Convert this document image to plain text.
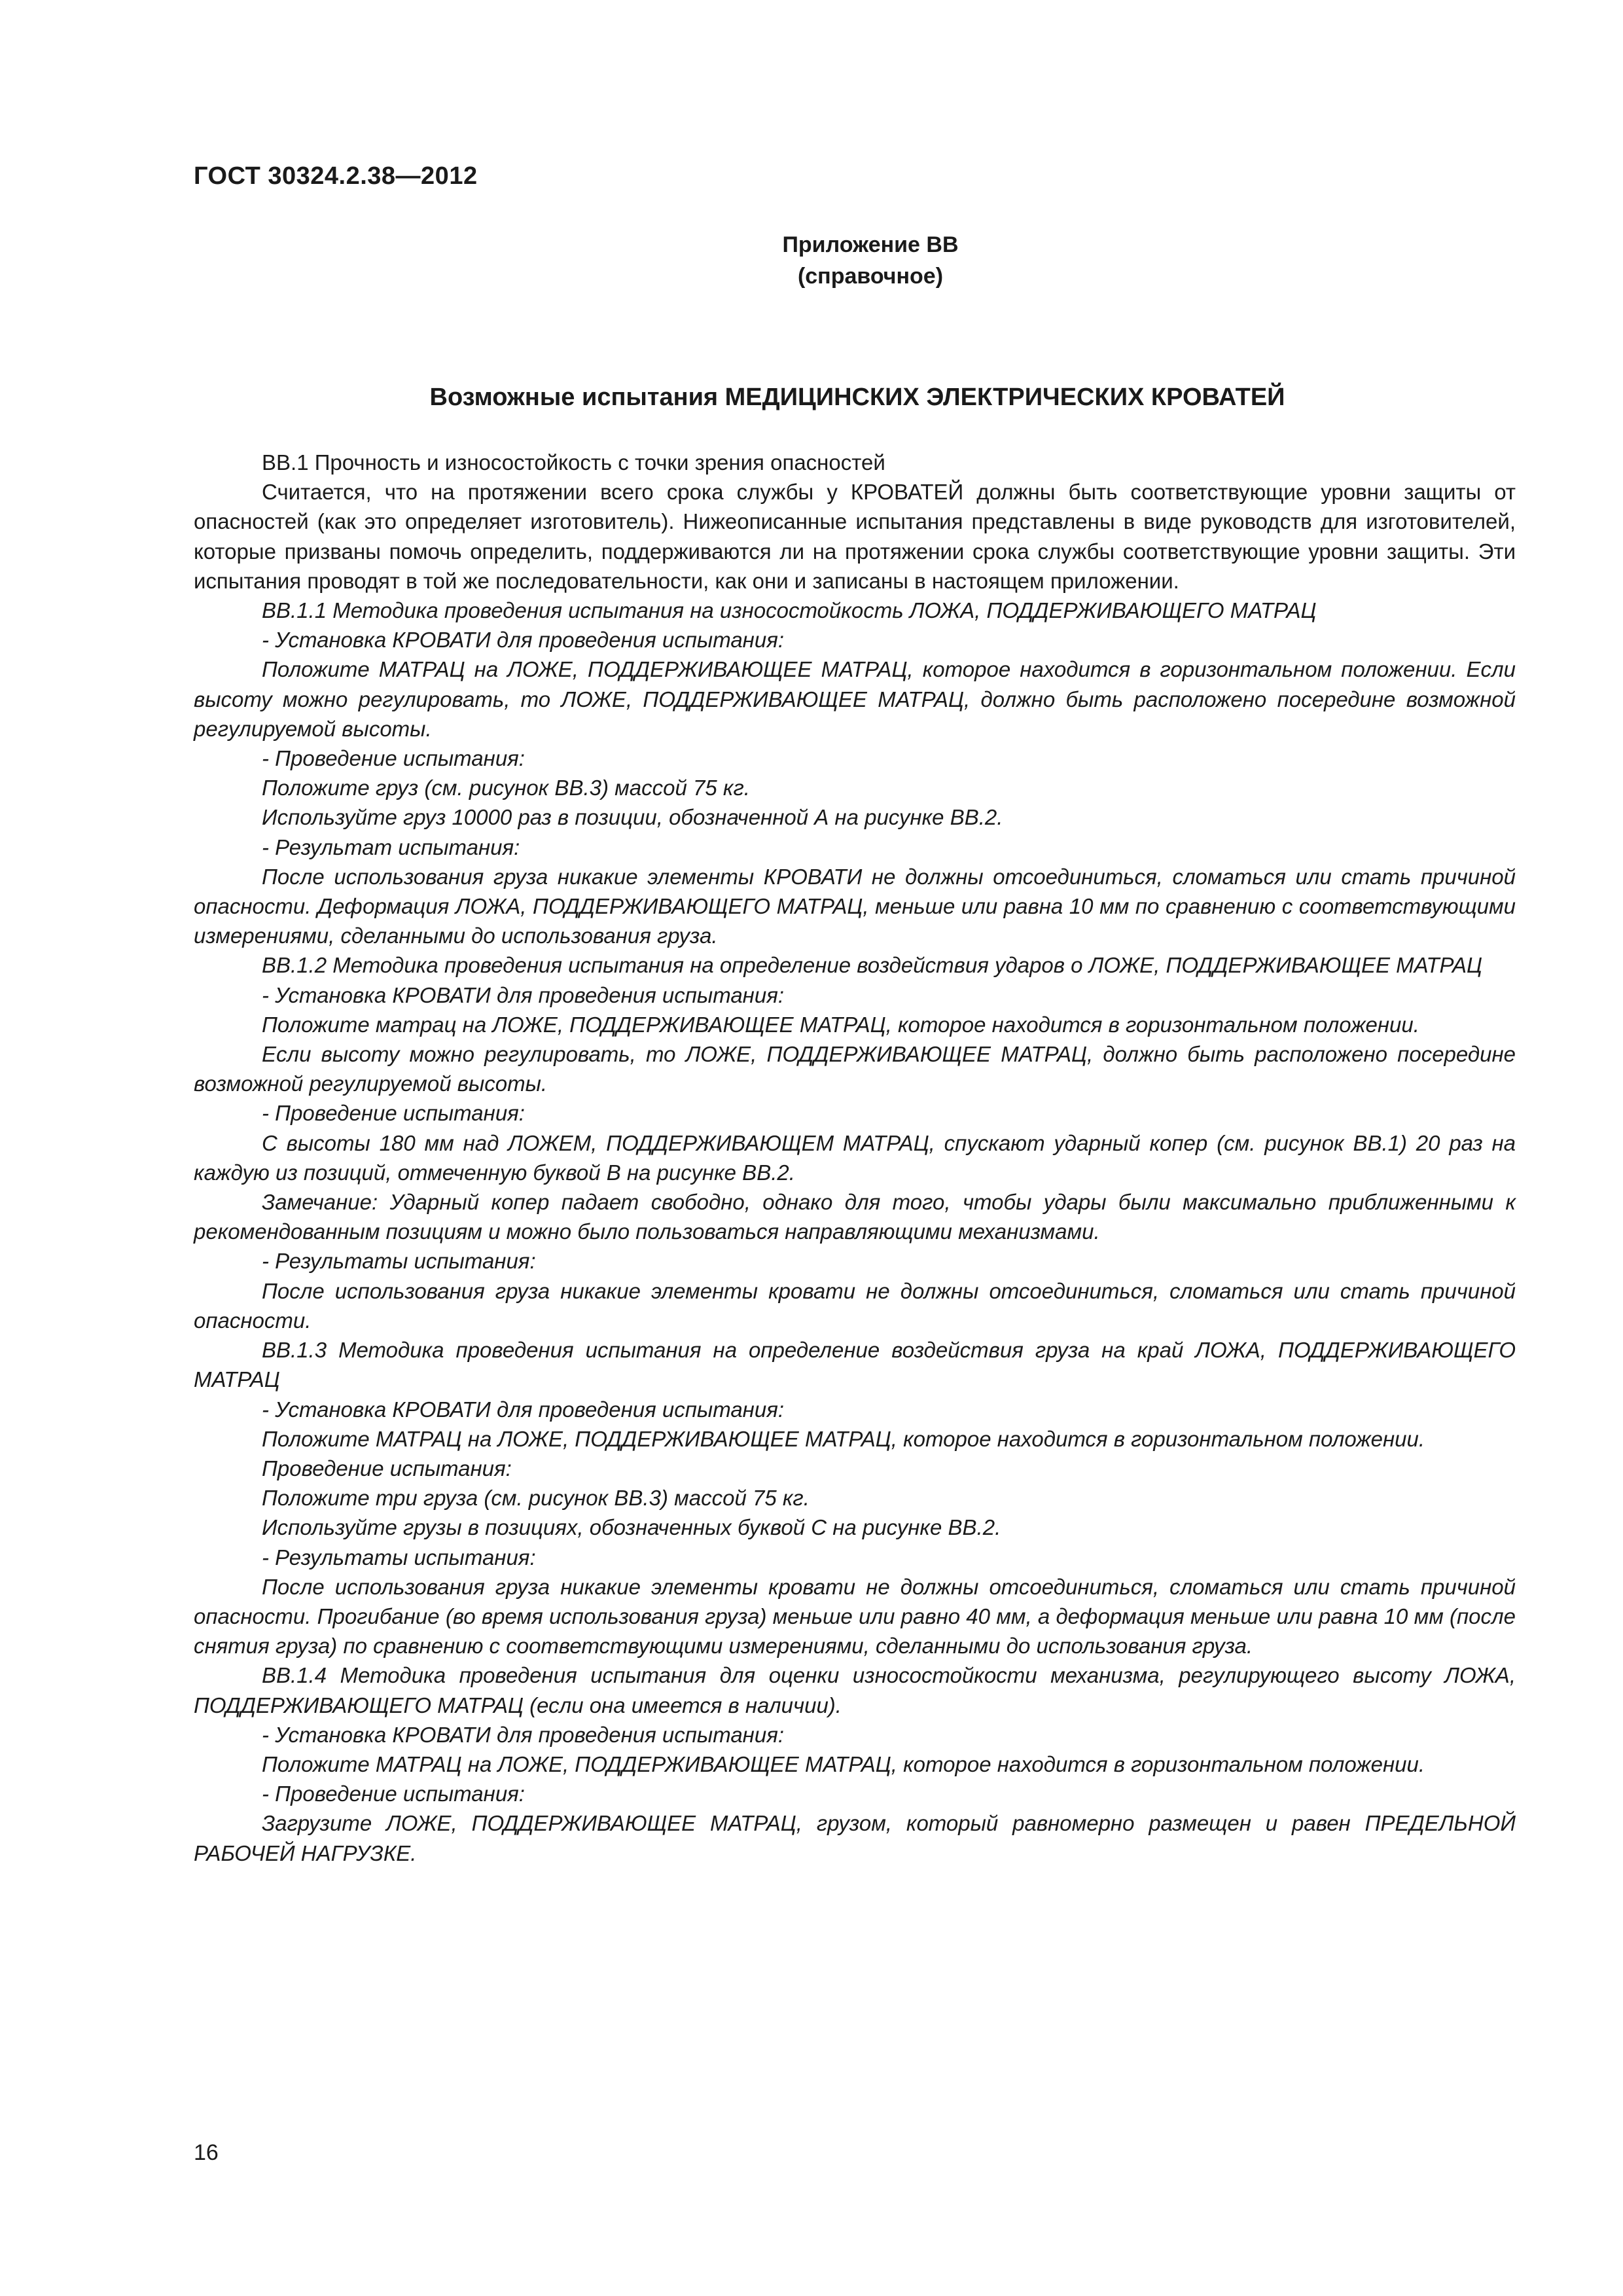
ГОСТ 30324.2.38—2012
Приложение ВВ
(справочное)
Возможные испытания МЕДИЦИНСКИХ ЭЛЕКТРИЧЕСКИХ КРОВАТЕЙ

ВВ.1 Прочность и износостойкость с точки зрения опасностей

Считается, что на протяжении всего срока службы у КРОВАТЕЙ должны быть соответствующие уровни защиты от опасностей (как это определяет изготовитель). Нижеописанные испытания представлены в виде руководств для изготовителей, которые призваны помочь определить, поддерживаются ли на протяжении срока службы соответствующие уровни защиты. Эти испытания проводят в той же последовательности, как они и записаны в настоящем приложении.

ВВ.1.1 Методика проведения испытания на износостойкость ЛОЖА, ПОДДЕРЖИВАЮЩЕГО МАТРАЦ

- Установка КРОВАТИ для проведения испытания:

Положите МАТРАЦ на ЛОЖЕ, ПОДДЕРЖИВАЮЩЕЕ МАТРАЦ, которое находится в горизонтальном положении. Если высоту можно регулировать, то ЛОЖЕ, ПОДДЕРЖИВАЮЩЕЕ МАТРАЦ, должно быть расположено посередине возможной регулируемой высоты.

- Проведение испытания:

Положите груз (см. рисунок ВВ.3) массой 75 кг.

Используйте груз 10000 раз в позиции, обозначенной А на рисунке ВВ.2.

- Результат испытания:

После использования груза никакие элементы КРОВАТИ не должны отсоединиться, сломаться или стать причиной опасности. Деформация ЛОЖА, ПОДДЕРЖИВАЮЩЕГО МАТРАЦ, меньше или равна 10 мм по сравнению с соответствующими измерениями, сделанными до использования груза.

ВВ.1.2 Методика проведения испытания на определение воздействия ударов о ЛОЖЕ, ПОДДЕРЖИВАЮЩЕЕ МАТРАЦ

- Установка КРОВАТИ для проведения испытания:

Положите матрац на ЛОЖЕ, ПОДДЕРЖИВАЮЩЕЕ МАТРАЦ, которое находится в горизонтальном положении.

Если высоту можно регулировать, то ЛОЖЕ, ПОДДЕРЖИВАЮЩЕЕ МАТРАЦ, должно быть расположено посередине возможной регулируемой высоты.

- Проведение испытания:

С высоты 180 мм над ЛОЖЕМ, ПОДДЕРЖИВАЮЩЕМ МАТРАЦ, спускают ударный копер (см. рисунок ВВ.1) 20 раз на каждую из позиций, отмеченную буквой В на рисунке ВВ.2.

Замечание: Ударный копер падает свободно, однако для того, чтобы удары были максимально приближенными к рекомендованным позициям и можно было пользоваться направляющими механизмами.

- Результаты испытания:

После использования груза никакие элементы кровати не должны отсоединиться, сломаться или стать причиной опасности.

ВВ.1.3 Методика проведения испытания на определение воздействия груза на край ЛОЖА, ПОДДЕРЖИВАЮЩЕГО МАТРАЦ

- Установка КРОВАТИ для проведения испытания:

Положите МАТРАЦ на ЛОЖЕ, ПОДДЕРЖИВАЮЩЕЕ МАТРАЦ, которое находится в горизонтальном положении.

Проведение испытания:

Положите три груза (см. рисунок ВВ.3) массой 75 кг.

Используйте грузы в позициях, обозначенных буквой С на рисунке ВВ.2.

- Результаты испытания:

После использования груза никакие элементы кровати не должны отсоединиться, сломаться или стать причиной опасности. Прогибание (во время использования груза) меньше или равно 40 мм, а деформация меньше или равна 10 мм (после снятия груза) по сравнению с соответствующими измерениями, сделанными до использования груза.

ВВ.1.4 Методика проведения испытания для оценки износостойкости механизма, регулирующего высоту ЛОЖА, ПОДДЕРЖИВАЮЩЕГО МАТРАЦ (если она имеется в наличии).

- Установка КРОВАТИ для проведения испытания:

Положите МАТРАЦ на ЛОЖЕ, ПОДДЕРЖИВАЮЩЕЕ МАТРАЦ, которое находится в горизонтальном положении.

- Проведение испытания:

Загрузите ЛОЖЕ, ПОДДЕРЖИВАЮЩЕЕ МАТРАЦ, грузом, который равномерно размещен и равен ПРЕДЕЛЬНОЙ РАБОЧЕЙ НАГРУЗКЕ.

16
